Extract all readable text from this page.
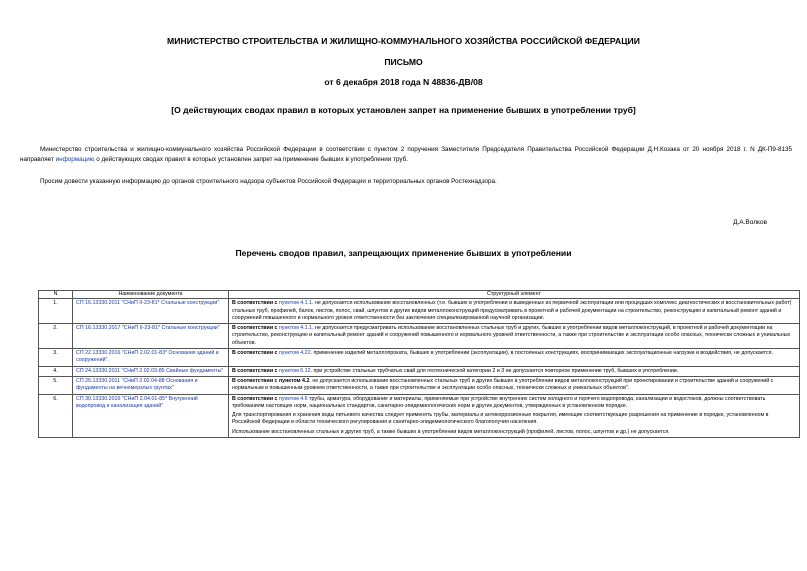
МИНИСТЕРСТВО СТРОИТЕЛЬСТВА И ЖИЛИЩНО-КОММУНАЛЬНОГО ХОЗЯЙСТВА РОССИЙСКОЙ ФЕДЕРАЦИИ
ПИСЬМО
от 6 декабря 2018 года N 48836-ДВ/08
[О действующих сводах правил в которых установлен запрет на применение бывших в употреблении труб]
Министерство строительства и жилищно-коммунального хозяйства Российской Федерации в соответствии с пунктом 2 поручения Заместителя Председателя Правительства Российской Федерации Д.Н.Козака от 20 ноября 2018 г. N ДК-П9-8135 направляет информацию о действующих сводах правил в которых установлен запрет на применение бывших в употреблении труб.
Просим довести указанную информацию до органов строительного надзора субъектов Российской Федерации и территориальных органов Ростехнадзора.
Д.А.Волков
Перечень сводов правил, запрещающих применение бывших в употреблении
N	Наименование документа	Структурный элемент
1.	СП 16.13330.2011 "СНиП II-23-81* Стальные конструкции"	В соответствии с пунктом 4.1.1. не допускается использование восстановленных (т.е. бывших в употреблении и выведенных из первичной эксплуатации или процедших комплекс диагностических и восстановительных работ) стальных труб, профилей, балок, листов, полос, свай, шпунтов и других видов металлоконструкций предусматривать в проектной и рабочей документации на строительство, реконструкцию и капитальный ремонт зданий и сооружений повышенного и нормального уровня ответственности без заключения специализированной научной организации.

2.	СП 16.13330.2017 "СНиП II-23-81* Стальные конструкции"	В соответствии с пунктом 4.1.1. не допускается предусматривать использование восстановленных стальных труб и других, бывших в употреблении видов металлоконструкций, в проектной и рабочей документации на строительство, реконструкцию и капитальный ремонт зданий и сооружений повышенного и нормального уровней ответственности, а также при строительстве и эксплуатации особо опасных, технически сложных и уникальных объектов.

3.	СП 22.13330.2016 "СНиП 2.02.01-83* Основания зданий и сооружений".	В соответствии с пунктом 4.22. применение изделий металлопроката, бывших в употреблении (эксплуатации), в постоянных конструкциях, воспринимающих эксплуатационные нагрузки и воздействия, не допускается.

4.	СП 24.13330.2011 "СНиП 2.02.03-85 Свайные фундаменты"	В соответствии с пунктом 6.12. при устройстве стальных трубчатых свай для геотехнической категории 2 и 3 не допускается повторное применение труб, бывших в употреблении.

5.	СП 25.13330.2011 "СНиП 2.02.04-88 Основания и фундаменты на вечномерзлых грунтах"	В соответствии с пунктом 4.2. не допускается использование восстановленных стальных труб и других бывших в употреблении видов металлоконструкций при проектировании и строительстве зданий и сооружений с нормальным и повышенным уровнем ответственности, а также при строительстве и эксплуатации особо опасных, технически сложных и уникальных объектов".

6.	СП 30.13330.2016 "СНиП 2.04.01-85* Внутренний водопровод и канализация зданий"	В соответствии с пунктом 4.6 трубы, арматура, оборудование и материалы, применяемые при устройстве внутренних систем холодного и горячего водопровода, канализации и водостоков, должны соответствовать требованиям настоящих норм, национальных стандартов, санитарно-эпидемиологических норм и других документов, утвержденных в установленном порядке.

Для транспортирования и хранения воды питьевого качества следует применять трубы, материалы и антикоррозионные покрытия, имеющие соответствующие разрешения на применение в порядке, установленном в Российской Федерации в области технического регулирования и санитарно-эпидемиологического благополучия населения.

Использование восстановленных стальных и других труб, а также бывших в употреблении видов металлоконструкций (профилей, листов, полос, шпунтов и др.) не допускается.
